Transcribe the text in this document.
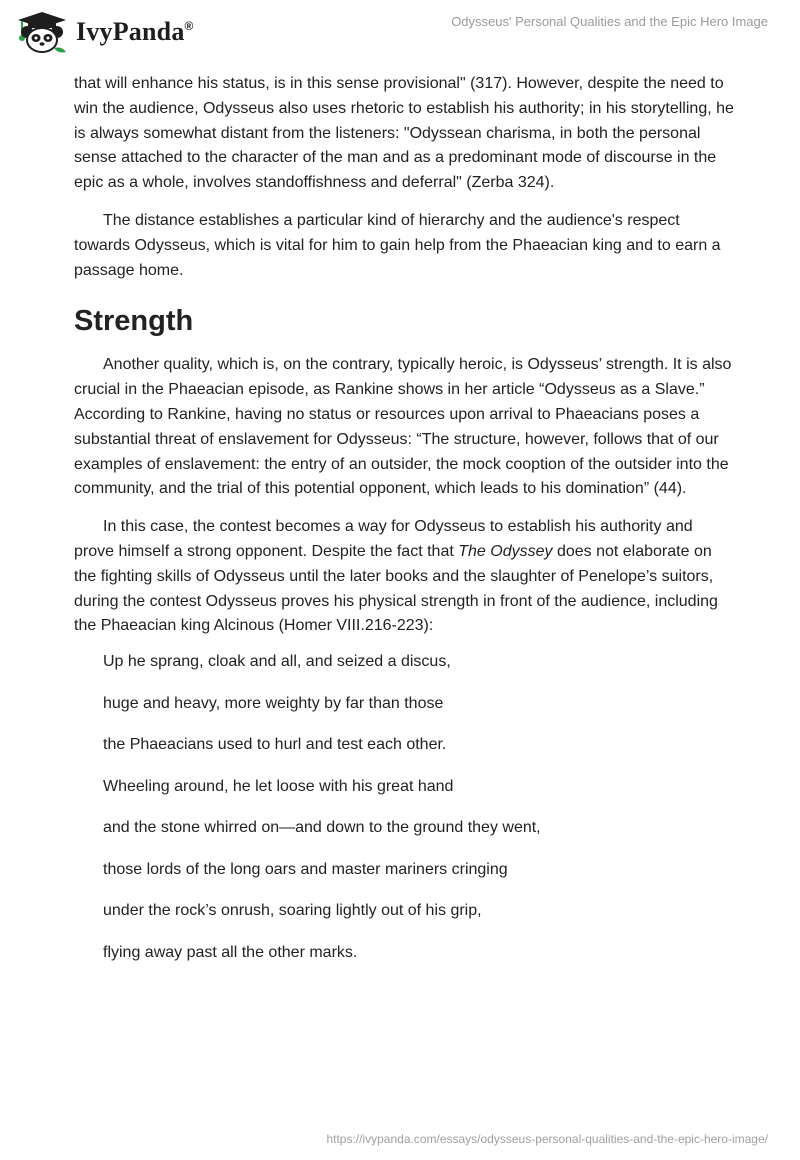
IvyPanda®	Odysseus' Personal Qualities and the Epic Hero Image

that will enhance his status, is in this sense provisional" (317). However, despite the need to win the audience, Odysseus also uses rhetoric to establish his authority; in his storytelling, he is always somewhat distant from the listeners: "Odyssean charisma, in both the personal sense attached to the character of the man and as a predominant mode of discourse in the epic as a whole, involves standoffishness and deferral" (Zerba 324).

The distance establishes a particular kind of hierarchy and the audience's respect towards Odysseus, which is vital for him to gain help from the Phaeacian king and to earn a passage home.

Strength

Another quality, which is, on the contrary, typically heroic, is Odysseus’ strength. It is also crucial in the Phaeacian episode, as Rankine shows in her article “Odysseus as a Slave.” According to Rankine, having no status or resources upon arrival to Phaeacians poses a substantial threat of enslavement for Odysseus: “The structure, however, follows that of our examples of enslavement: the entry of an outsider, the mock cooption of the outsider into the community, and the trial of this potential opponent, which leads to his domination” (44).

In this case, the contest becomes a way for Odysseus to establish his authority and prove himself a strong opponent. Despite the fact that The Odyssey does not elaborate on the fighting skills of Odysseus until the later books and the slaughter of Penelope’s suitors, during the contest Odysseus proves his physical strength in front of the audience, including the Phaeacian king Alcinous (Homer VIII.216-223):

Up he sprang, cloak and all, and seized a discus,
huge and heavy, more weighty by far than those
the Phaeacians used to hurl and test each other.
Wheeling around, he let loose with his great hand
and the stone whirred on—and down to the ground they went,
those lords of the long oars and master mariners cringing
under the rock’s onrush, soaring lightly out of his grip,
flying away past all the other marks.
https://ivypanda.com/essays/odysseus-personal-qualities-and-the-epic-hero-image/
